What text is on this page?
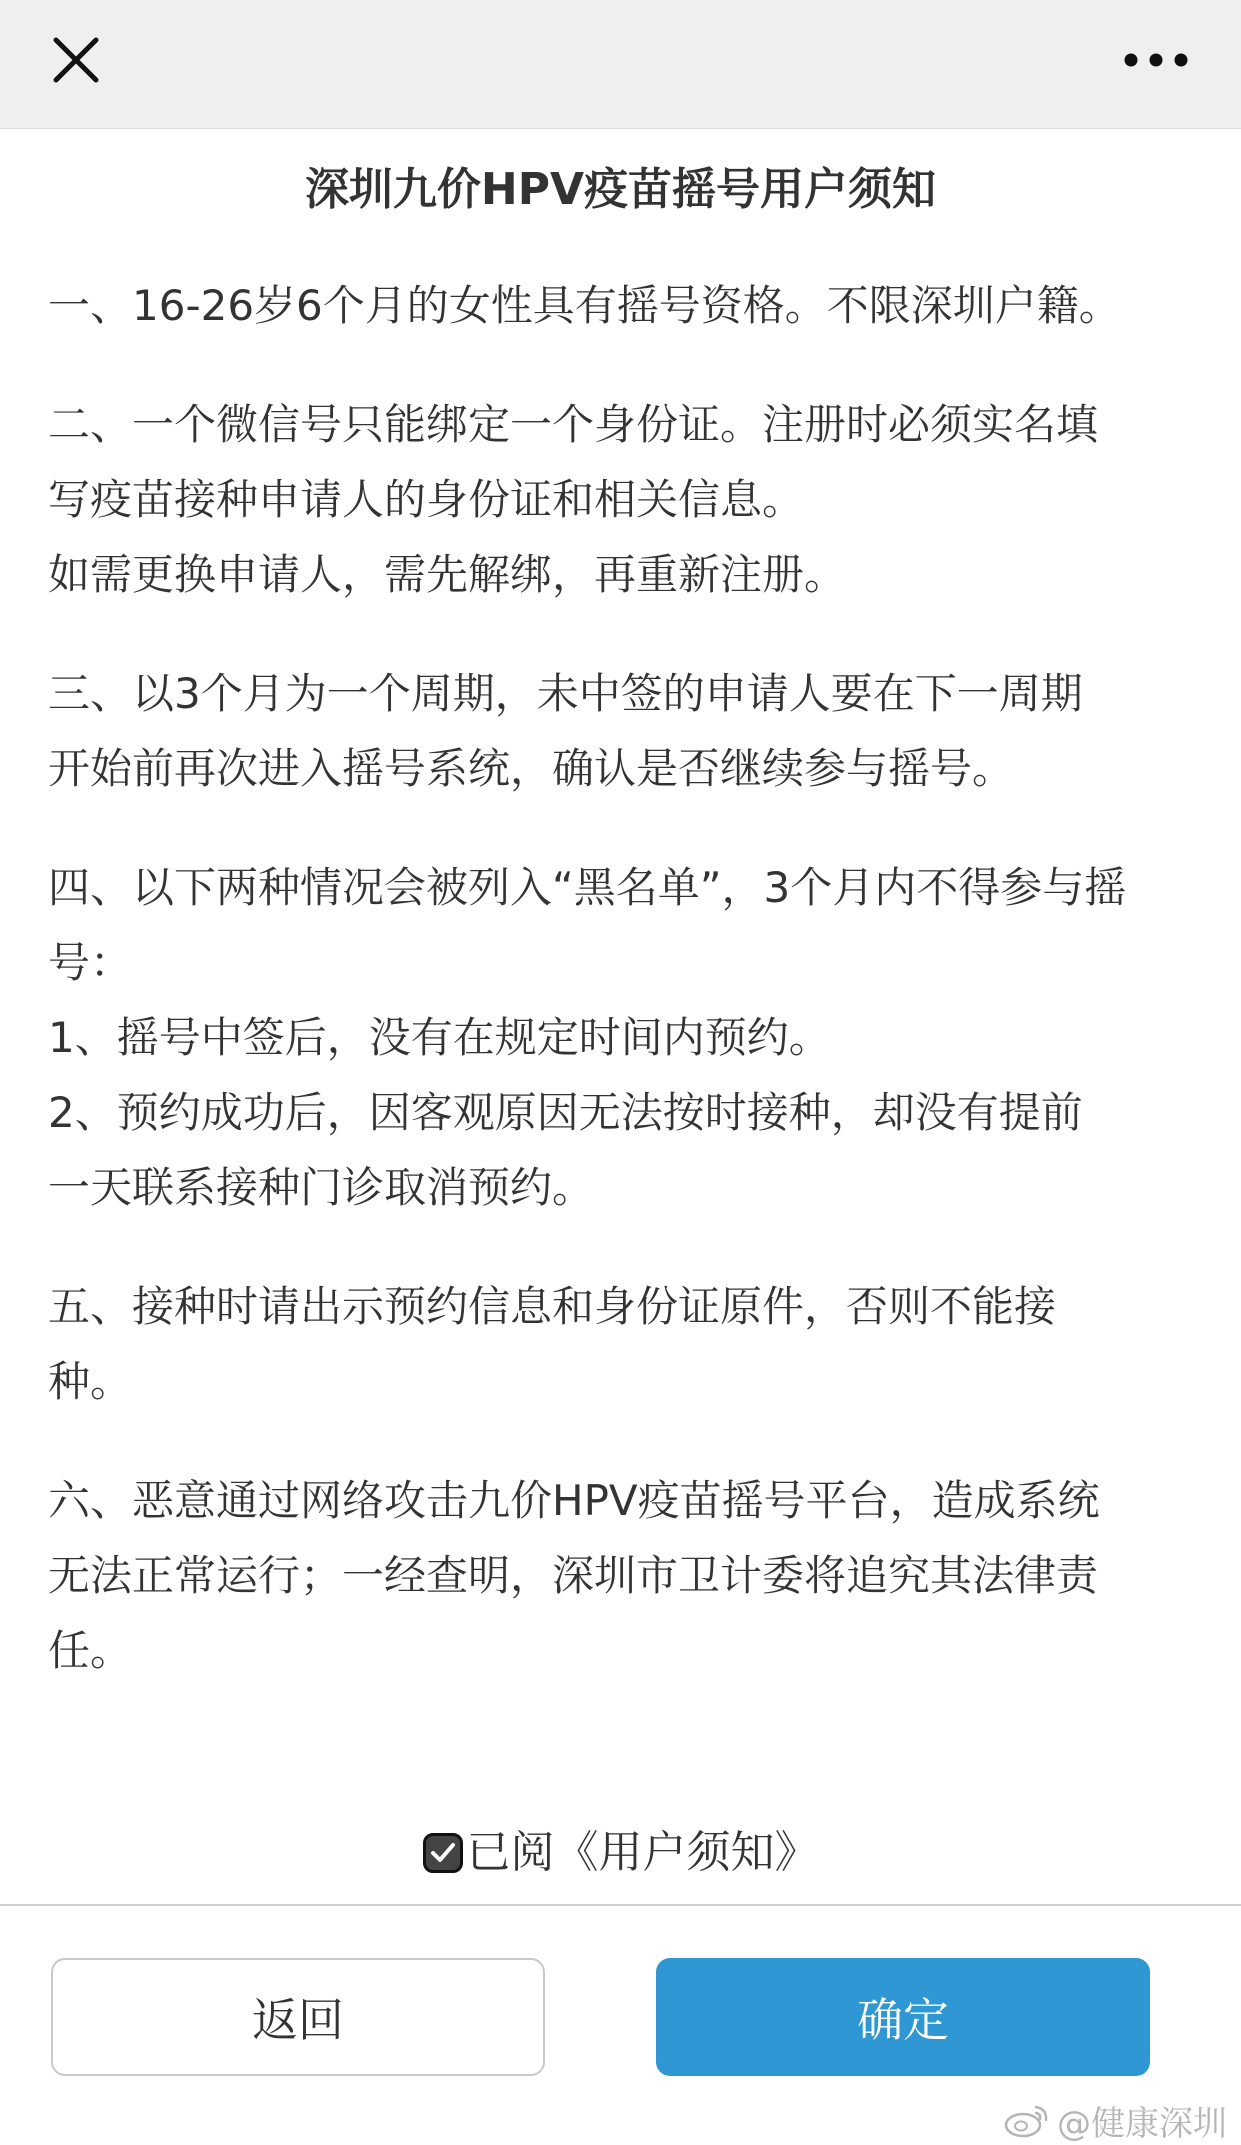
深圳九价HPV疫苗摇号用户须知
一、16-26岁6个月的女性具有摇号资格。不限深圳户籍。
二、一个微信号只能绑定一个身份证。注册时必须实名填
写疫苗接种申请人的身份证和相关信息。
如需更换申请人，需先解绑，再重新注册。
三、以3个月为一个周期，未中签的申请人要在下一周期
开始前再次进入摇号系统，确认是否继续参与摇号。
四、以下两种情况会被列入“黑名单”，3个月内不得参与摇
号：
1、摇号中签后，没有在规定时间内预约。
2、预约成功后，因客观原因无法按时接种，却没有提前
一天联系接种门诊取消预约。
五、接种时请出示预约信息和身份证原件，否则不能接
种。
六、恶意通过网络攻击九价HPV疫苗摇号平台，造成系统
无法正常运行；一经查明，深圳市卫计委将追究其法律责
任。
已阅《用户须知》
返回	确定
@健康深圳
